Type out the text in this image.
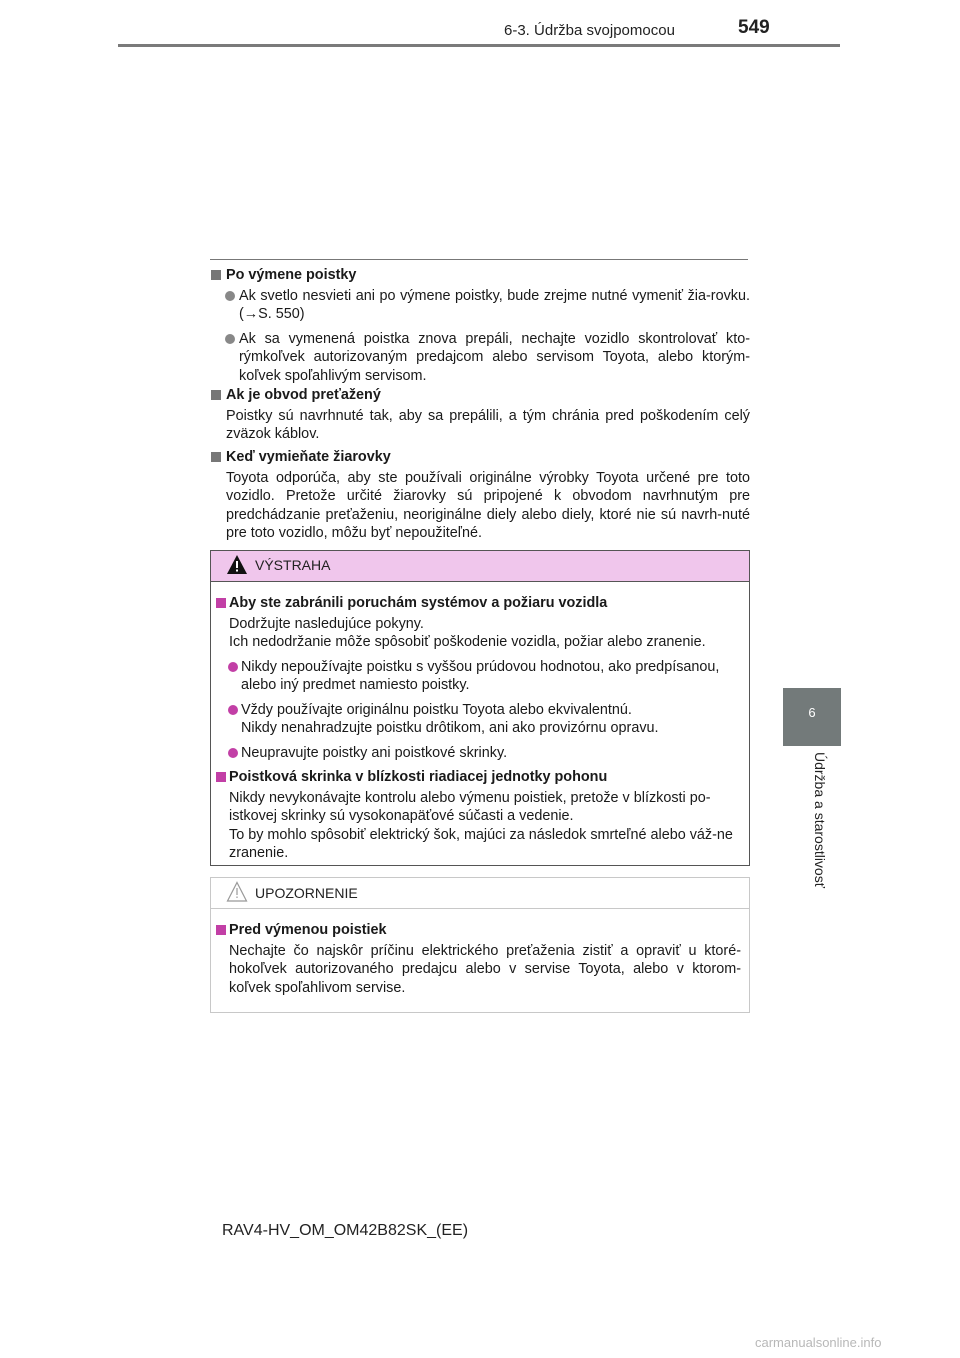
6-3. Údržba svojpomocou	549
6
Údržba a starostlivosť

Po výmene poistky

Ak svetlo nesvieti ani po výmene poistky, bude zrejme nutné vymeniť žia-rovku. (→S. 550)

Ak sa vymenená poistka znova prepáli, nechajte vozidlo skontrolovať kto-rýmkoľvek autorizovaným predajcom alebo servisom Toyota, alebo ktorým-koľvek spoľahlivým servisom.

Ak je obvod preťažený

Poistky sú navrhnuté tak, aby sa prepálili, a tým chránia pred poškodením celý zväzok káblov.

Keď vymieňate žiarovky

Toyota odporúča, aby ste používali originálne výrobky Toyota určené pre toto vozidlo. Pretože určité žiarovky sú pripojené k obvodom navrhnutým pre predchádzanie preťaženiu, neoriginálne diely alebo diely, ktoré nie sú navrh-nuté pre toto vozidlo, môžu byť nepoužiteľné.

VÝSTRAHA

Aby ste zabránili poruchám systémov a požiaru vozidla

Dodržujte nasledujúce pokyny.

Ich nedodržanie môže spôsobiť poškodenie vozidla, požiar alebo zranenie.

Nikdy nepoužívajte poistku s vyššou prúdovou hodnotou, ako predpísanou, alebo iný predmet namiesto poistky.

Vždy používajte originálnu poistku Toyota alebo ekvivalentnú.
Nikdy nenahradzujte poistku drôtikom, ani ako provizórnu opravu.

Neupravujte poistky ani poistkové skrinky.

Poistková skrinka v blízkosti riadiacej jednotky pohonu

Nikdy nevykonávajte kontrolu alebo výmenu poistiek, pretože v blízkosti po-istkovej skrinky sú vysokonapäťové súčasti a vedenie.

To by mohlo spôsobiť elektrický šok, majúci za následok smrteľné alebo váž-ne zranenie.

UPOZORNENIE

Pred výmenou poistiek

Nechajte čo najskôr príčinu elektrického preťaženia zistiť a opraviť u ktoré-hokoľvek autorizovaného predajcu alebo v servise Toyota, alebo v ktorom-koľvek spoľahlivom servise.

RAV4-HV_OM_OM42B82SK_(EE)
carmanualsonline.info
